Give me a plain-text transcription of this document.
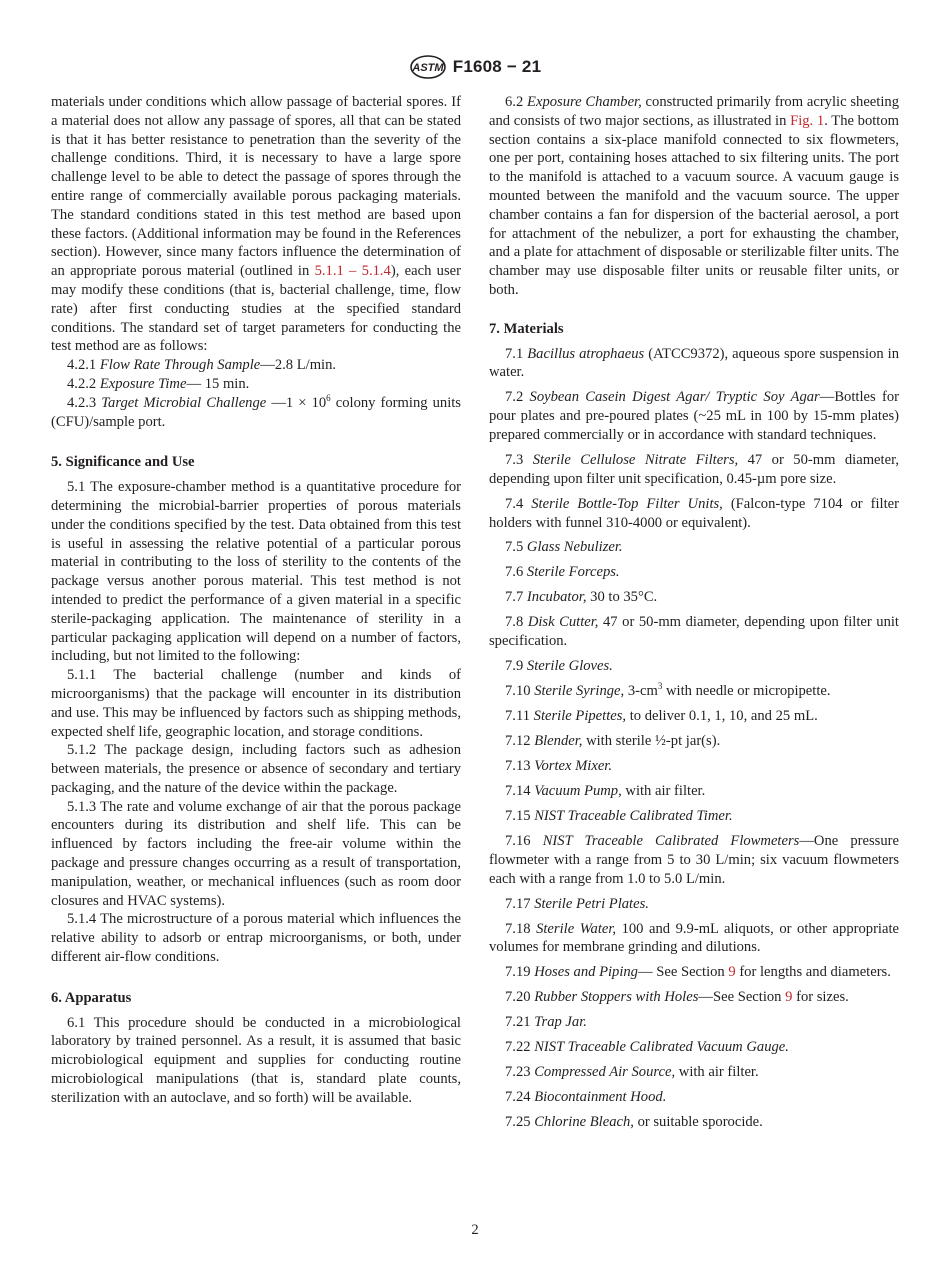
ASTM F1608 − 21

materials under conditions which allow passage of bacterial spores. If a material does not allow any passage of spores, all that can be stated is that it has better resistance to penetration than the severity of the challenge conditions. Third, it is necessary to have a large spore challenge level to be able to detect the passage of spores through the entire range of commercially available porous packaging materials. The standard conditions stated in this test method are based upon these factors. (Additional information may be found in the References section). However, since many factors influence the determination of an appropriate porous material (outlined in 5.1.1 – 5.1.4), each user may modify these conditions (that is, bacterial challenge, time, flow rate) after first conducting studies at the specified standard conditions. The standard set of target parameters for conducting the test method are as follows:

4.2.1 Flow Rate Through Sample—2.8 L/min.

4.2.2 Exposure Time— 15 min.

4.2.3 Target Microbial Challenge —1 × $10^6$ colony forming units (CFU)/sample port.

5. Significance and Use

5.1 The exposure-chamber method is a quantitative procedure for determining the microbial-barrier properties of porous materials under the conditions specified by the test. Data obtained from this test is useful in assessing the relative potential of a particular porous material in contributing to the loss of sterility to the contents of the package versus another porous material. This test method is not intended to predict the performance of a given material in a specific sterile-packaging application. The maintenance of sterility in a particular packaging application will depend on a number of factors, including, but not limited to the following:

5.1.1 The bacterial challenge (number and kinds of microorganisms) that the package will encounter in its distribution and use. This may be influenced by factors such as shipping methods, expected shelf life, geographic location, and storage conditions.

5.1.2 The package design, including factors such as adhesion between materials, the presence or absence of secondary and tertiary packaging, and the nature of the device within the package.

5.1.3 The rate and volume exchange of air that the porous package encounters during its distribution and shelf life. This can be influenced by factors including the free-air volume within the package and pressure changes occurring as a result of transportation, manipulation, weather, or mechanical influences (such as room door closures and HVAC systems).

5.1.4 The microstructure of a porous material which influences the relative ability to adsorb or entrap microorganisms, or both, under different air-flow conditions.

6. Apparatus

6.1 This procedure should be conducted in a microbiological laboratory by trained personnel. As a result, it is assumed that basic microbiological equipment and supplies for conducting routine microbiological manipulations (that is, standard plate counts, sterilization with an autoclave, and so forth) will be available.

6.2 Exposure Chamber, constructed primarily from acrylic sheeting and consists of two major sections, as illustrated in Fig. 1. The bottom section contains a six-place manifold connected to six flowmeters, one per port, containing hoses attached to six filtering units. The port to the manifold is attached to a vacuum source. A vacuum gauge is mounted between the manifold and the vacuum source. The upper chamber contains a fan for dispersion of the bacterial aerosol, a port for attachment of the nebulizer, a port for exhausting the chamber, and a plate for attachment of disposable or sterilizable filter units. The chamber may use disposable filter units or reusable filter units, or both.

7. Materials

7.1 Bacillus atrophaeus (ATCC9372), aqueous spore suspension in water.

7.2 Soybean Casein Digest Agar/ Tryptic Soy Agar—Bottles for pour plates and pre-poured plates (~25 mL in 100 by 15-mm plates) prepared commercially or in accordance with standard techniques.

7.3 Sterile Cellulose Nitrate Filters, 47 or 50-mm diameter, depending upon filter unit specification, 0.45-µm pore size.

7.4 Sterile Bottle-Top Filter Units, (Falcon-type 7104 or filter holders with funnel 310-4000 or equivalent).

7.5 Glass Nebulizer.

7.6 Sterile Forceps.

7.7 Incubator, 30 to 35°C.

7.8 Disk Cutter, 47 or 50-mm diameter, depending upon filter unit specification.

7.9 Sterile Gloves.

7.10 Sterile Syringe, $3-cm^3$ with needle or micropipette.

7.11 Sterile Pipettes, to deliver 0.1, 1, 10, and 25 mL.

7.12 Blender, with sterile ½-pt jar(s).

7.13 Vortex Mixer.

7.14 Vacuum Pump, with air filter.

7.15 NIST Traceable Calibrated Timer.

7.16 NIST Traceable Calibrated Flowmeters—One pressure flowmeter with a range from 5 to 30 L/min; six vacuum flowmeters each with a range from 1.0 to 5.0 L/min.

7.17 Sterile Petri Plates.

7.18 Sterile Water, 100 and 9.9-mL aliquots, or other appropriate volumes for membrane grinding and dilutions.

7.19 Hoses and Piping— See Section 9 for lengths and diameters.

7.20 Rubber Stoppers with Holes—See Section 9 for sizes.

7.21 Trap Jar.

7.22 NIST Traceable Calibrated Vacuum Gauge.

7.23 Compressed Air Source, with air filter.

7.24 Biocontainment Hood.

7.25 Chlorine Bleach, or suitable sporocide.

2
